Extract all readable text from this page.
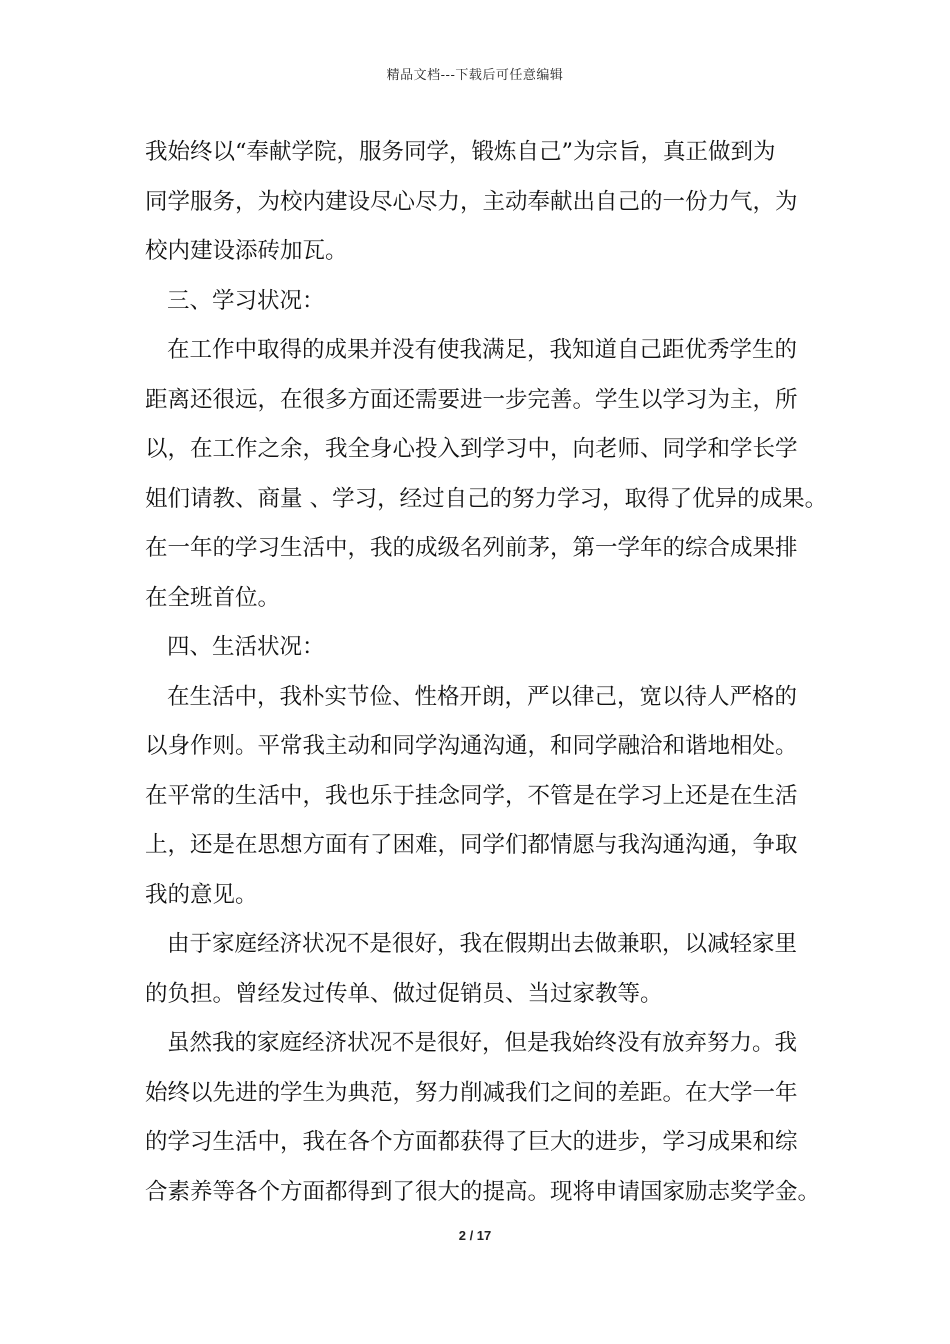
精品文档---下载后可任意编辑
我始终以“奉献学院，服务同学，锻炼自己”为宗旨，真正做到为
同学服务，为校内建设尽心尽力，主动奉献出自己的一份力气，为
校内建设添砖加瓦。
三、学习状况：
在工作中取得的成果并没有使我满足，我知道自己距优秀学生的
距离还很远，在很多方面还需要进一步完善。学生以学习为主，所
以，在工作之余，我全身心投入到学习中，向老师、同学和学长学
姐们请教、商量 、学习，经过自己的努力学习，取得了优异的成果。
在一年的学习生活中，我的成级名列前茅，第一学年的综合成果排
在全班首位。
四、生活状况：
在生活中，我朴实节俭、性格开朗，严以律己，宽以待人严格的
以身作则。平常我主动和同学沟通沟通，和同学融洽和谐地相处。
在平常的生活中，我也乐于挂念同学，不管是在学习上还是在生活
上，还是在思想方面有了困难，同学们都情愿与我沟通沟通，争取
我的意见。
由于家庭经济状况不是很好，我在假期出去做兼职，以减轻家里
的负担。曾经发过传单、做过促销员、当过家教等。
虽然我的家庭经济状况不是很好，但是我始终没有放弃努力。我
始终以先进的学生为典范，努力削减我们之间的差距。在大学一年
的学习生活中，我在各个方面都获得了巨大的进步，学习成果和综
合素养等各个方面都得到了很大的提高。现将申请国家励志奖学金。
2 / 17
